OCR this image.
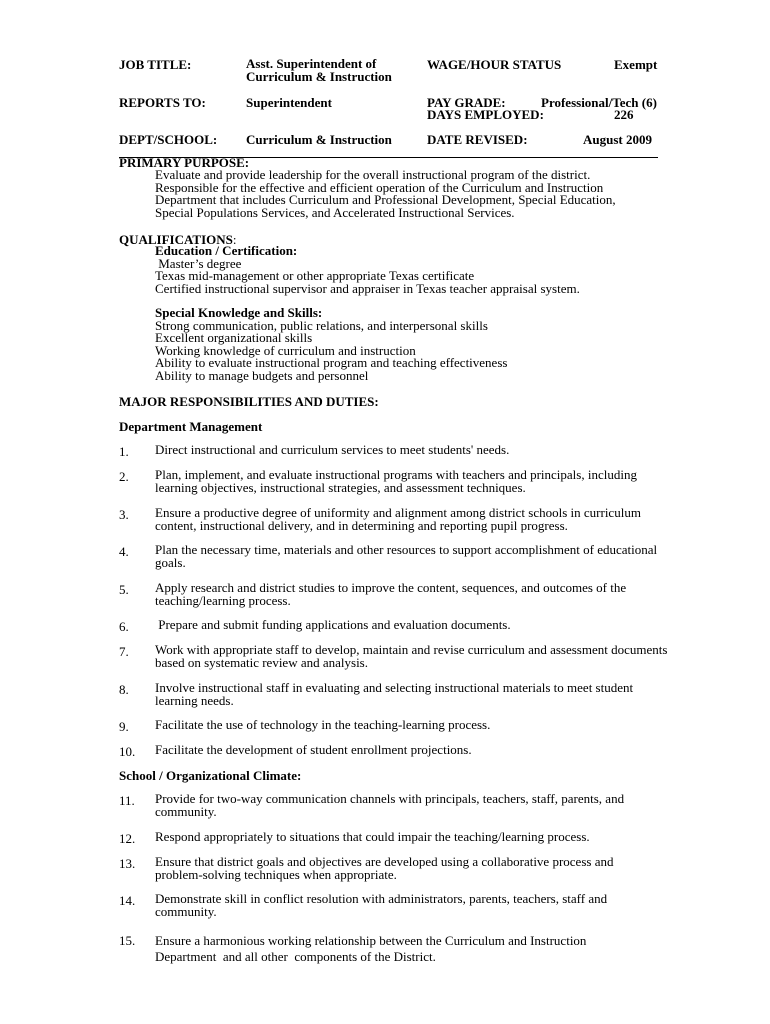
JOB TITLE:	Asst. Superintendent of
Curriculum & Instruction
WAGE/HOUR STATUS	Exempt
REPORTS TO:	Superintendent	PAY GRADE:	Professional/Tech (6)
DAYS EMPLOYED:	226
DEPT/SCHOOL: Curriculum & Instruction	DATE REVISED:	August 2009
PRIMARY PURPOSE:
Evaluate and provide leadership for the overall instructional program of the district.
Responsible for the effective and efficient operation of the Curriculum and Instruction
Department that includes Curriculum and Professional Development, Special Education,
Special Populations Services, and Accelerated Instructional Services.
QUALIFICATIONS:
Education / Certification:
Master’s degree
Texas mid-management or other appropriate Texas certificate
Certified instructional supervisor and appraiser in Texas teacher appraisal system.
Special Knowledge and Skills:
Strong communication, public relations, and interpersonal skills
Excellent organizational skills
Working knowledge of curriculum and instruction
Ability to evaluate instructional program and teaching effectiveness
Ability to manage budgets and personnel
MAJOR RESPONSIBILITIES AND DUTIES:
Department Management
School / Organizational Climate:
1. Direct instructional and curriculum services to meet students' needs.
2. Plan, implement, and evaluate instructional programs with teachers and principals, including
learning objectives, instructional strategies, and assessment techniques.
3. Ensure a productive degree of uniformity and alignment among district schools in curriculum
content, instructional delivery, and in determining and reporting pupil progress.
4. Plan the necessary time, materials and other resources to support accomplishment of educational
goals.
5. Apply research and district studies to improve the content, sequences, and outcomes of the
teaching/learning process.
6. Prepare and submit funding applications and evaluation documents.
7. Work with appropriate staff to develop, maintain and revise curriculum and assessment documents
based on systematic review and analysis.
8. Involve instructional staff in evaluating and selecting instructional materials to meet student
learning needs.
9. Facilitate the use of technology in the teaching-learning process.
10. Facilitate the development of student enrollment projections.
11. Provide for two-way communication channels with principals, teachers, staff, parents, and
community.
12. Respond appropriately to situations that could impair the teaching/learning process.
13. Ensure that district goals and objectives are developed using a collaborative process and
problem-solving techniques when appropriate.
14. Demonstrate skill in conflict resolution with administrators, parents, teachers, staff and
community.
15. Ensure a harmonious working relationship between the Curriculum and Instruction
Department  and all other  components of the District.
